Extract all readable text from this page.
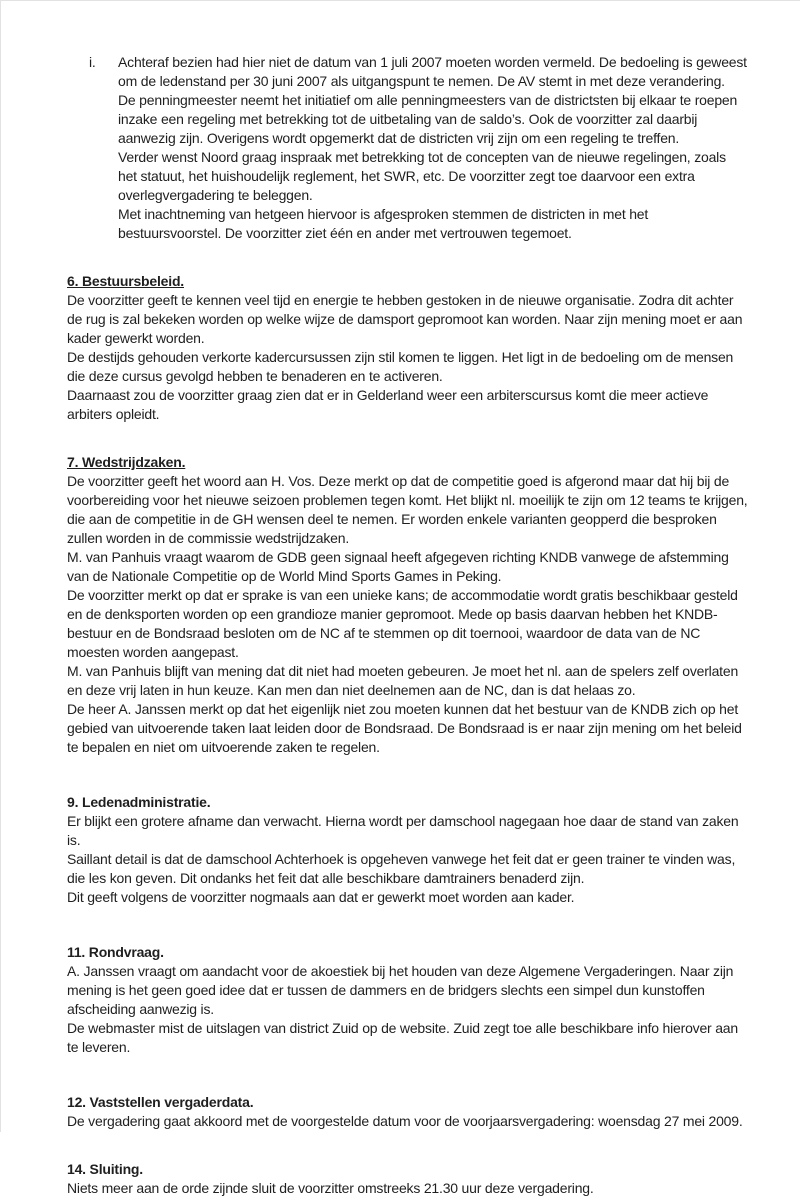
i.	Achteraf bezien had hier niet de datum van 1 juli 2007 moeten worden vermeld. De bedoeling is geweest om de ledenstand per 30 juni 2007 als uitgangspunt te nemen. De AV stemt in met deze verandering.

De penningmeester neemt het initiatief om alle penningmeesters van de districtsten bij elkaar te roepen inzake een regeling met betrekking tot de uitbetaling van de saldo’s. Ook de voorzitter zal daarbij aanwezig zijn. Overigens wordt opgemerkt dat de districten vrij zijn om een regeling te treffen.

Verder wenst Noord graag inspraak met betrekking tot de concepten van de nieuwe regelingen, zoals het statuut, het huishoudelijk reglement, het SWR, etc. De voorzitter zegt toe daarvoor een extra overlegvergadering te beleggen.

Met inachtneming van hetgeen hiervoor is afgesproken stemmen de districten in met het bestuursvoorstel. De voorzitter ziet één en ander met vertrouwen tegemoet.

6. Bestuursbeleid.

De voorzitter geeft te kennen veel tijd en energie te hebben gestoken in de nieuwe organisatie. Zodra dit achter de rug is zal bekeken worden op welke wijze de damsport gepromoot kan worden. Naar zijn mening moet er aan kader gewerkt worden.

De destijds gehouden verkorte kadercursussen zijn stil komen te liggen. Het ligt in de bedoeling om de mensen die deze cursus gevolgd hebben te benaderen en te activeren.

Daarnaast zou de voorzitter graag zien dat er in Gelderland weer een arbiterscursus komt die meer actieve arbiters opleidt.

7. Wedstrijdzaken.

De voorzitter geeft het woord aan H. Vos. Deze merkt op dat de competitie goed is afgerond maar dat hij bij de voorbereiding voor het nieuwe seizoen problemen tegen komt. Het blijkt nl. moeilijk te zijn om 12 teams te krijgen, die aan de competitie in de GH wensen deel te nemen. Er worden enkele varianten geopperd die besproken zullen worden in de commissie wedstrijdzaken.

M. van Panhuis vraagt waarom de GDB geen signaal heeft afgegeven richting KNDB vanwege de afstemming van de Nationale Competitie op de World Mind Sports Games in Peking.

De voorzitter merkt op dat er sprake is van een unieke kans; de accommodatie wordt gratis beschikbaar gesteld en de denksporten worden op een grandioze manier gepromoot. Mede op basis daarvan hebben het KNDB-bestuur en de Bondsraad besloten om de NC af te stemmen op dit toernooi, waardoor de data van de NC moesten worden aangepast.

M. van Panhuis blijft van mening dat dit niet had moeten gebeuren. Je moet het nl. aan de spelers zelf overlaten en deze vrij laten in hun keuze. Kan men dan niet deelnemen aan de NC, dan is dat helaas zo.

De heer A. Janssen merkt op dat het eigenlijk niet zou moeten kunnen dat het bestuur van de KNDB zich op het gebied van uitvoerende taken laat leiden door de Bondsraad. De Bondsraad is er naar zijn mening om het beleid te bepalen en niet om uitvoerende zaken te regelen.

9. Ledenadministratie.

Er blijkt een grotere afname dan verwacht. Hierna wordt per damschool nagegaan hoe daar de stand van zaken is.

Saillant detail is dat de damschool Achterhoek is opgeheven vanwege het feit dat er geen trainer te vinden was, die les kon geven. Dit ondanks het feit dat alle beschikbare damtrainers benaderd zijn.

Dit geeft volgens de voorzitter nogmaals aan dat er gewerkt moet worden aan kader.

11. Rondvraag.

A. Janssen vraagt om aandacht voor de akoestiek bij het houden van deze Algemene Vergaderingen. Naar zijn mening is het geen goed idee dat er tussen de dammers en de bridgers slechts een simpel dun kunstoffen afscheiding aanwezig is.

De webmaster mist de uitslagen van district Zuid op de website. Zuid zegt toe alle beschikbare info hierover aan te leveren.

12. Vaststellen vergaderdata.

De vergadering gaat akkoord met de voorgestelde datum voor de voorjaarsvergadering: woensdag 27 mei 2009.

14. Sluiting.

Niets meer aan de orde zijnde sluit de voorzitter omstreeks 21.30 uur deze vergadering.
